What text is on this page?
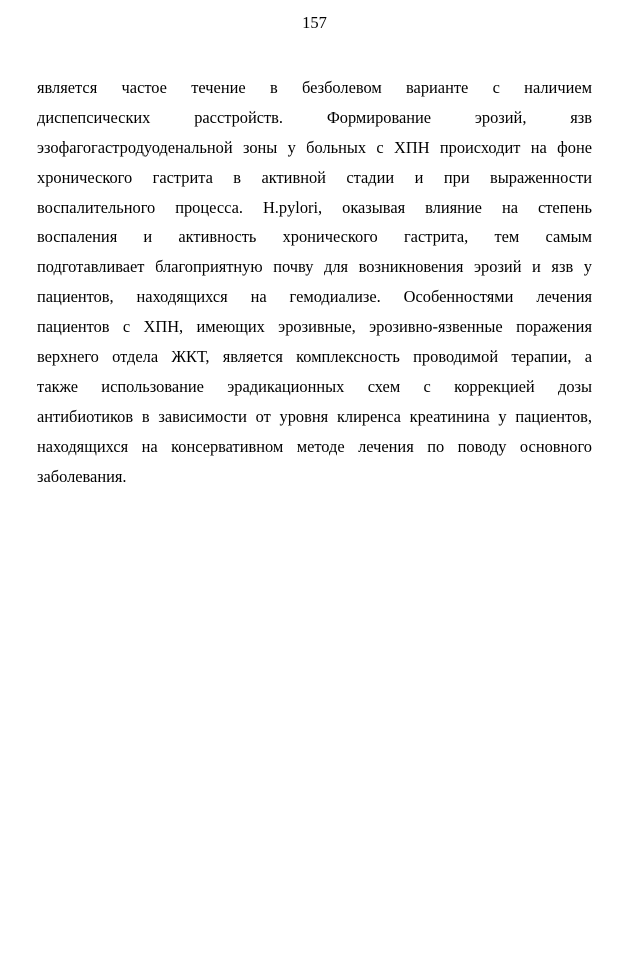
157
является частое течение в безболевом варианте с наличием
диспепсических расстройств. Формирование эрозий, язв
эзофагогастродуоденальной зоны у больных с ХПН происходит на фоне
хронического гастрита в активной стадии и при выраженности
воспалительного процесса. H.pylori, оказывая влияние на степень
воспаления и активность хронического гастрита, тем самым
подготавливает благоприятную почву для возникновения эрозий и язв у
пациентов, находящихся на гемодиализе. Особенностями лечения
пациентов с ХПН, имеющих эрозивные, эрозивно-язвенные поражения
верхнего отдела ЖКТ, является комплексность проводимой терапии, а
также использование эрадикационных схем с коррекцией дозы
антибиотиков в зависимости от уровня клиренса креатинина у пациентов,
находящихся на консервативном методе лечения по поводу основного
заболевания.
